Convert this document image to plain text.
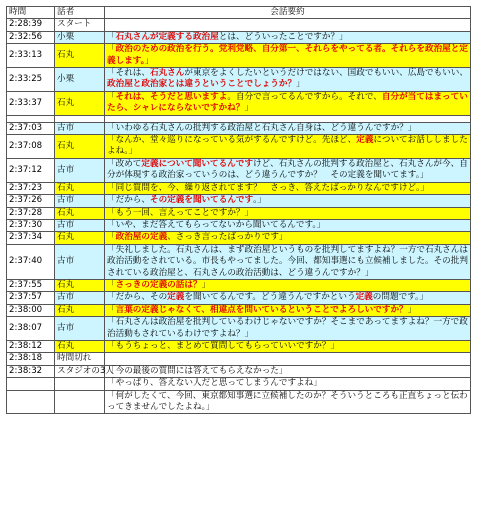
時間	話者	会話要約
2:28:39	スタート	
2:32:56	小栗	「石丸さんが定義する政治屋とは、どういったことですか？」
2:33:13	石丸	「政治のための政治を行う。党利党略、自分第一、それらをやってる者。それらを政治屋と定義します。」
2:33:25	小栗	「それは、石丸さんが東京をよくしたいというだけではない、国政でもいい、広島でもいい、政治屋と政治家とは違うということでしょうか？」
2:33:37	石丸	「それは、そうだと思いますよ。自分で言ってるんですから。それで、自分が当てはまっていたら、シャレにならないですかね？」

2:37:03	古市	「いわゆる石丸さんの批判する政治屋と石丸さん自身は、どう違うんですか？」
2:37:08	石丸	「なんか、堂々巡りになっている気がするんですけど。先ほど、定義についてお話ししましたよね。」
2:37:12	古市	「改めて定義について聞いてるんですけど、石丸さんの批判する政治屋と、石丸さんが今、自分が体現する政治家っていうのは、どう違うんですか？　その定義を聞いてます。」
2:37:23	石丸	「同じ質問を、今、繰り返されてます？　さっき、答えたばっかりなんですけど。」
2:37:26	古市	「だから、その定義を聞いてるんです。」
2:37:28	石丸	「もう一回、言えってことですか？」
2:37:30	古市	「いや、まだ答えてもらってないから聞いてるんです。」
2:37:34	石丸	「政治屋の定義、さっき言ったばっかりです」
2:37:40	古市	「失礼しました。石丸さんは、まず政治屋というものを批判してますよね？一方で石丸さんは政治活動をされている。市長もやってました。今回、都知事選にも立候補しました。その批判されている政治屋と、石丸さんの政治活動は、どう違うんですか？」
2:37:55	石丸	「さっきの定義の話は？」
2:37:57	古市	「だから、その定義を聞いてるんです。どう違うんですかという定義の問題です。」
2:38:00	石丸	「言葉の定義じゃなくて、相違点を問いているということでよろしいですか？」
2:38:07	古市	「石丸さんは政治屋を批判しているわけじゃないですか？そこまであってますよね？一方で政治活動もされているわけですよね？」
2:38:12	石丸	「もうちょっと、まとめて質問してもらっていいですか？」
2:38:18	時間切れ	
2:38:32	スタジオの3人	「今の最後の質問には答えてもらえなかった」
		「やっぱり、答えない人だと思ってしまうんですよね」
		「何がしたくて、今回、東京都知事選に立候補したのか？そういうところも正直ちょっと伝わってきませんでしたよね。」
